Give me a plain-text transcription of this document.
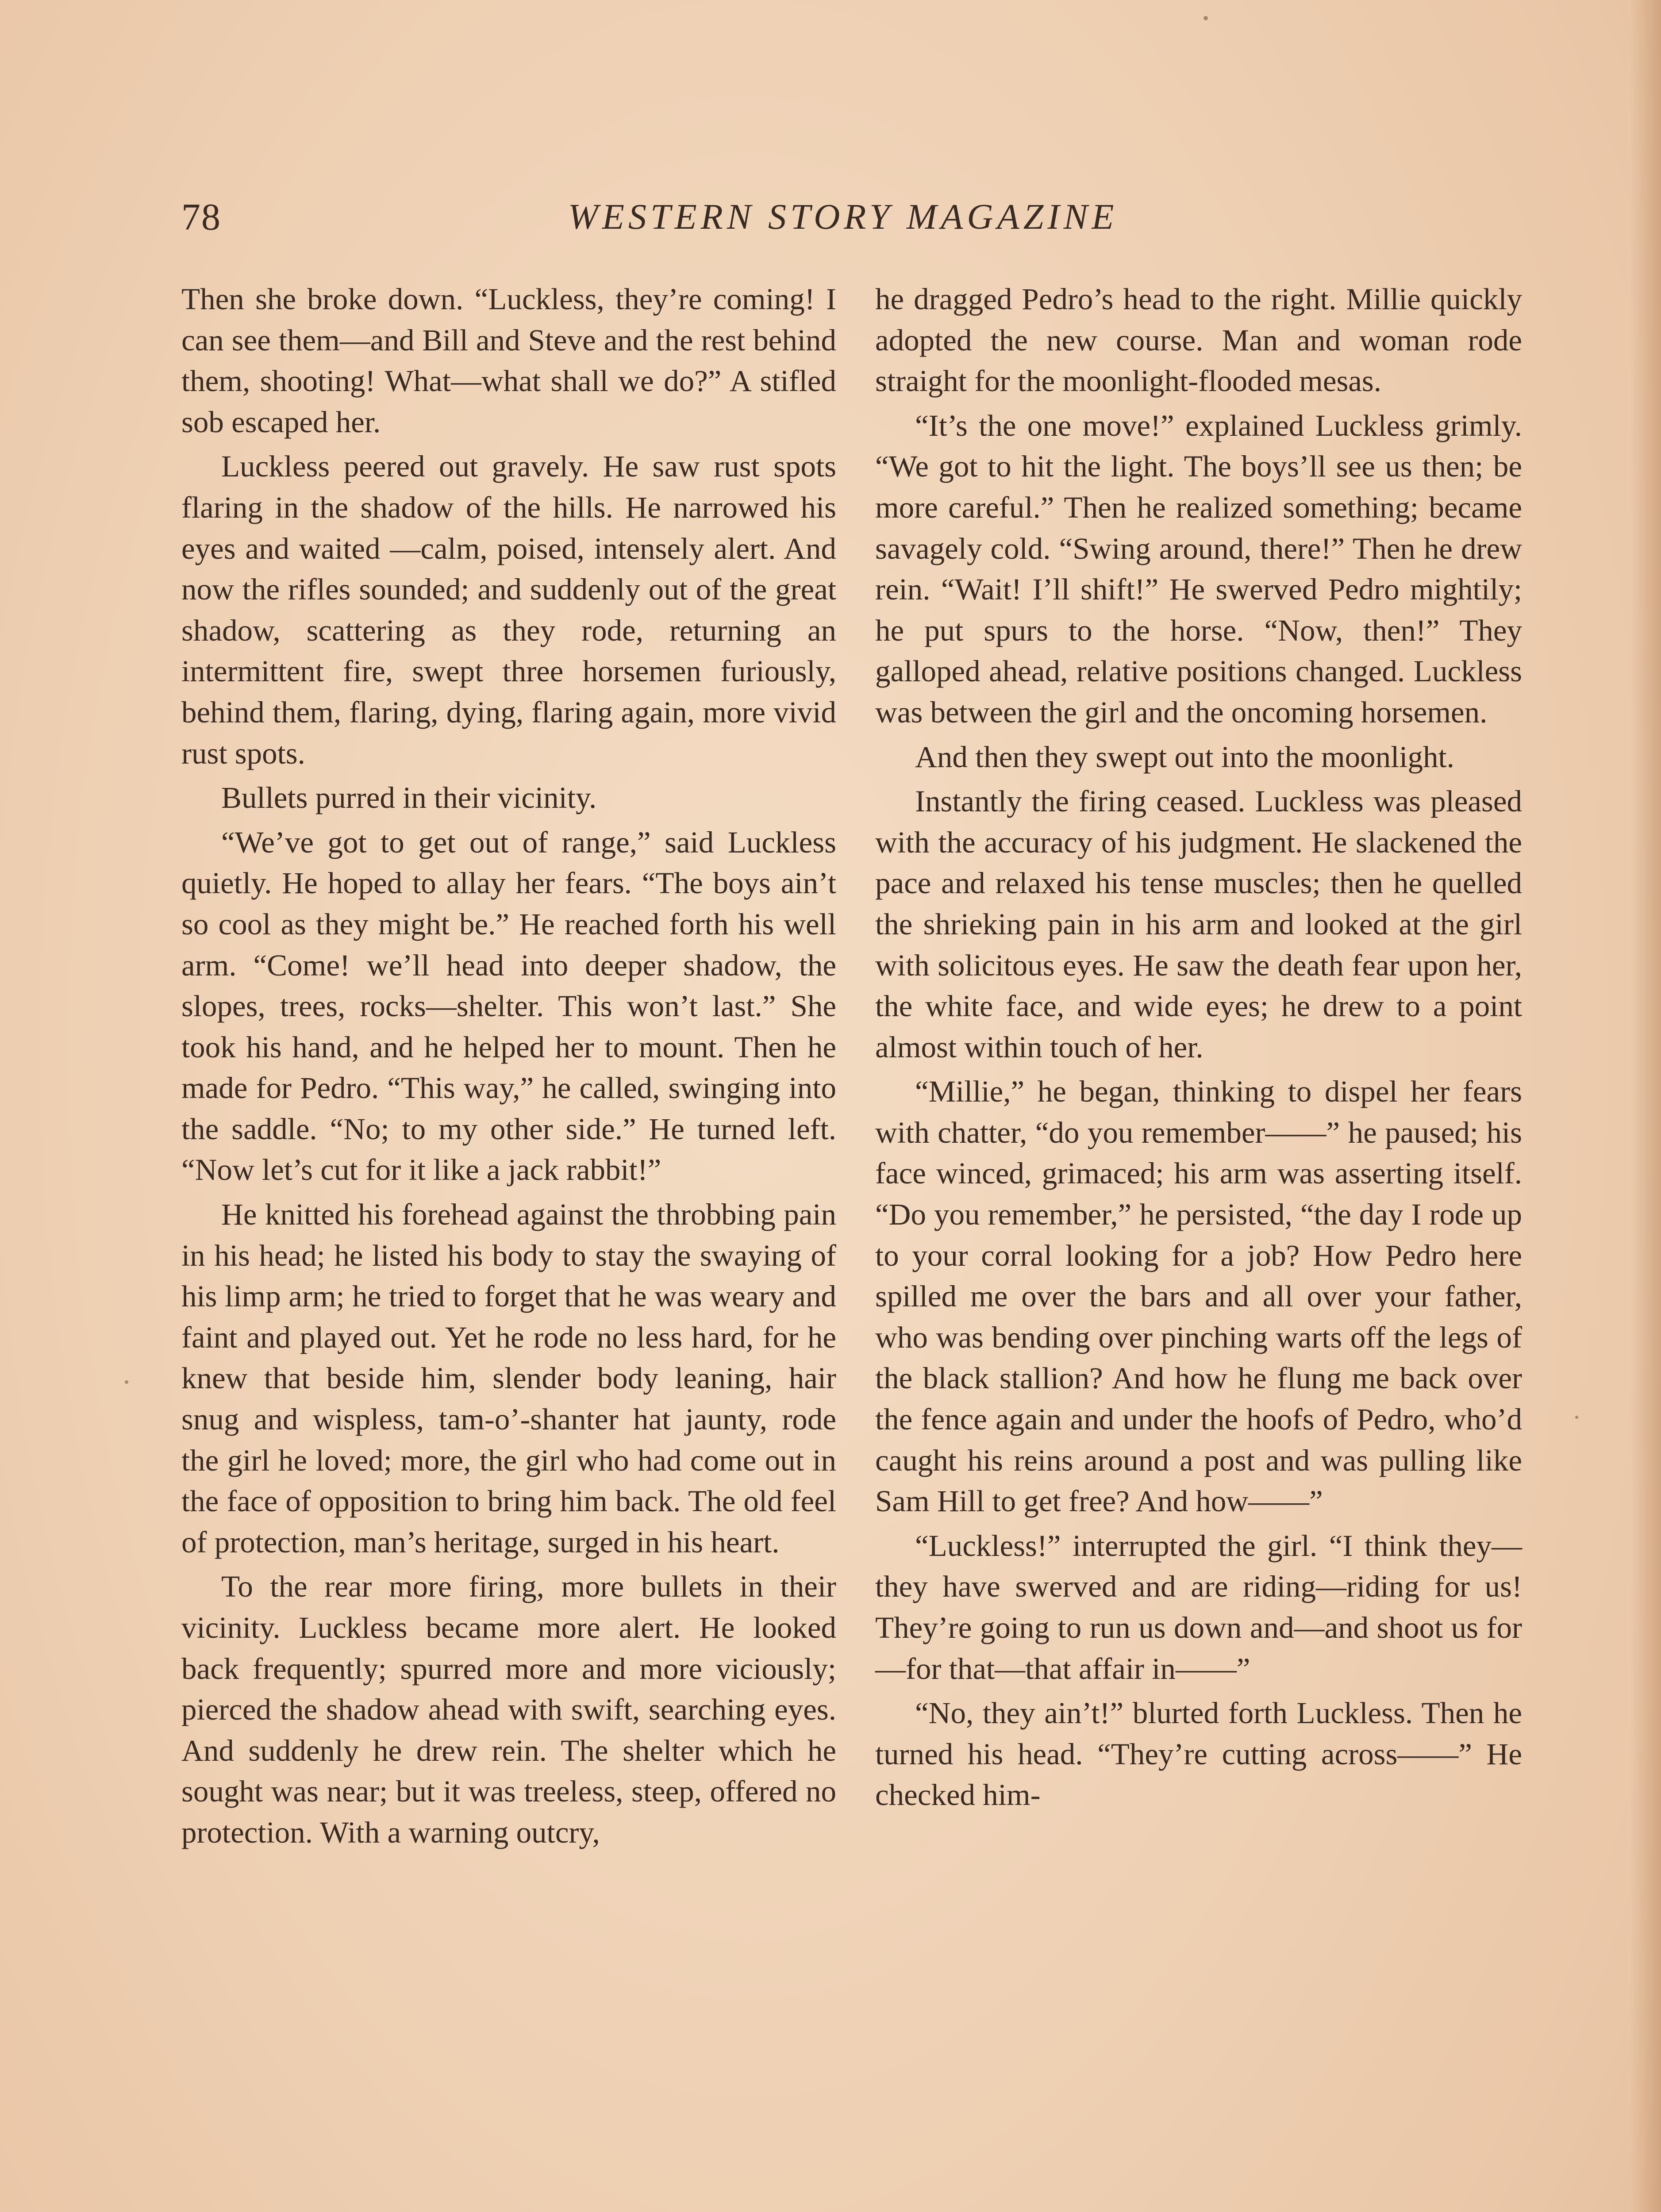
78	WESTERN STORY MAGAZINE

Then she broke down. “Luckless, they’re coming! I can see them—and Bill and Steve and the rest behind them, shooting! What—what shall we do?” A stifled sob escaped her.

Luckless peered out gravely. He saw rust spots flaring in the shadow of the hills. He narrowed his eyes and waited —calm, poised, intensely alert. And now the rifles sounded; and suddenly out of the great shadow, scattering as they rode, returning an intermittent fire, swept three horsemen furiously, behind them, flaring, dying, flaring again, more vivid rust spots.

Bullets purred in their vicinity.

“We’ve got to get out of range,” said Luckless quietly. He hoped to allay her fears. “The boys ain’t so cool as they might be.” He reached forth his well arm. “Come! we’ll head into deeper shadow, the slopes, trees, rocks—shelter. This won’t last.” She took his hand, and he helped her to mount. Then he made for Pedro. “This way,” he called, swinging into the saddle. “No; to my other side.” He turned left. “Now let’s cut for it like a jack rabbit!”

He knitted his forehead against the throbbing pain in his head; he listed his body to stay the swaying of his limp arm; he tried to forget that he was weary and faint and played out. Yet he rode no less hard, for he knew that beside him, slender body leaning, hair snug and wispless, tam-o’-shanter hat jaunty, rode the girl he loved; more, the girl who had come out in the face of opposition to bring him back. The old feel of protection, man’s heritage, surged in his heart.

To the rear more firing, more bullets in their vicinity. Luckless became more alert. He looked back frequently; spurred more and more viciously; pierced the shadow ahead with swift, searching eyes. And suddenly he drew rein. The shelter which he sought was near; but it was treeless, steep, offered no protection. With a warning outcry,

he dragged Pedro’s head to the right. Millie quickly adopted the new course. Man and woman rode straight for the moonlight-flooded mesas.

“It’s the one move!” explained Luckless grimly. “We got to hit the light. The boys’ll see us then; be more careful.” Then he realized something; became savagely cold. “Swing around, there!” Then he drew rein. “Wait! I’ll shift!” He swerved Pedro mightily; he put spurs to the horse. “Now, then!” They galloped ahead, relative positions changed. Luckless was between the girl and the oncoming horsemen.

And then they swept out into the moonlight.

Instantly the firing ceased. Luckless was pleased with the accuracy of his judgment. He slackened the pace and relaxed his tense muscles; then he quelled the shrieking pain in his arm and looked at the girl with solicitous eyes. He saw the death fear upon her, the white face, and wide eyes; he drew to a point almost within touch of her.

“Millie,” he began, thinking to dispel her fears with chatter, “do you remember——” he paused; his face winced, grimaced; his arm was asserting itself. “Do you remember,” he persisted, “the day I rode up to your corral looking for a job? How Pedro here spilled me over the bars and all over your father, who was bending over pinching warts off the legs of the black stallion? And how he flung me back over the fence again and under the hoofs of Pedro, who’d caught his reins around a post and was pulling like Sam Hill to get free? And how——”

“Luckless!” interrupted the girl. “I think they—they have swerved and are riding—riding for us! They’re going to run us down and—and shoot us for —for that—that affair in——”

“No, they ain’t!” blurted forth Luckless. Then he turned his head. “They’re cutting across——” He checked him-
